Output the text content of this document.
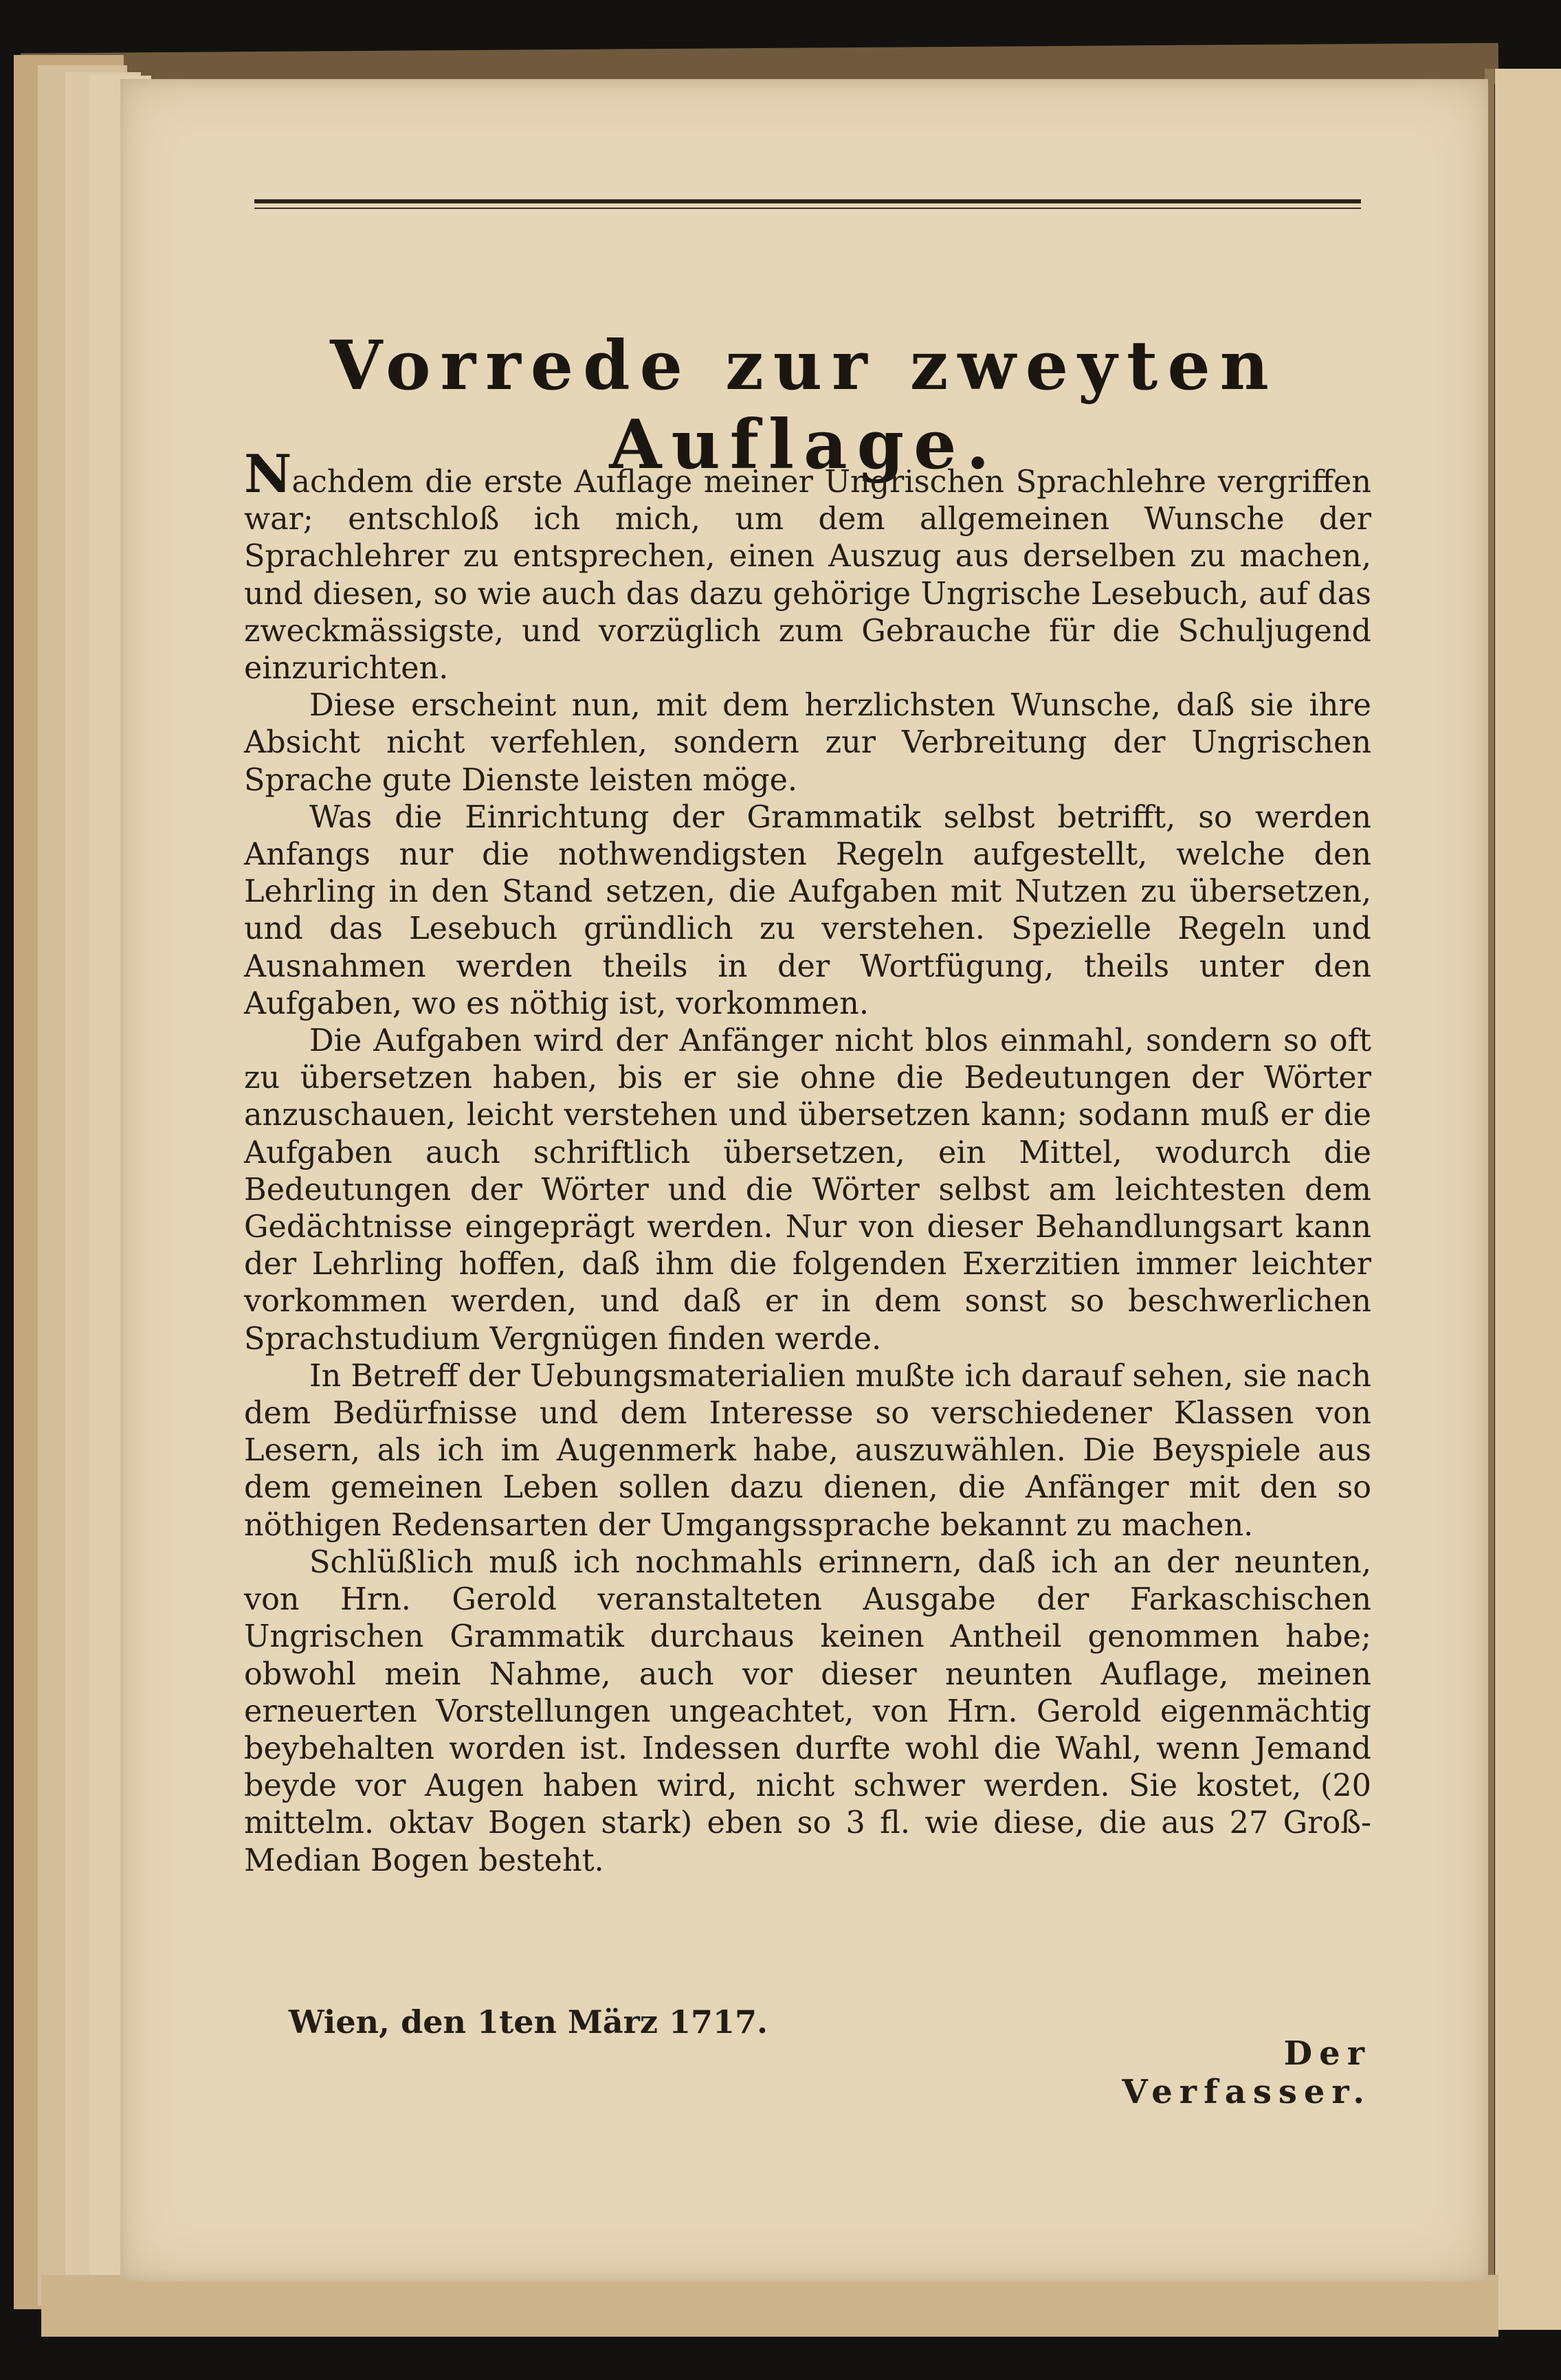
Vorrede zur zweyten Auflage.

Nachdem die erste Auflage meiner Ungrischen Sprachlehre vergriffen war; entschloß ich mich, um dem allgemeinen Wunsche der Sprachlehrer zu entsprechen, einen Auszug aus derselben zu machen, und diesen, so wie auch das dazu gehörige Ungrische Lesebuch, auf das zweckmässigste, und vorzüglich zum Gebrauche für die Schuljugend einzurichten.

Diese erscheint nun, mit dem herzlichsten Wunsche, daß sie ihre Absicht nicht verfehlen, sondern zur Verbreitung der Ungrischen Sprache gute Dienste leisten möge.

Was die Einrichtung der Grammatik selbst betrifft, so werden Anfangs nur die nothwendigsten Regeln aufgestellt, welche den Lehrling in den Stand setzen, die Aufgaben mit Nutzen zu übersetzen, und das Lesebuch gründlich zu verstehen. Spezielle Regeln und Ausnahmen werden theils in der Wortfügung, theils unter den Aufgaben, wo es nöthig ist, vorkommen.

Die Aufgaben wird der Anfänger nicht blos einmahl, sondern so oft zu übersetzen haben, bis er sie ohne die Bedeutungen der Wörter anzuschauen, leicht verstehen und übersetzen kann; sodann muß er die Aufgaben auch schriftlich übersetzen, ein Mittel, wodurch die Bedeutungen der Wörter und die Wörter selbst am leichtesten dem Gedächtnisse eingeprägt werden. Nur von dieser Behandlungsart kann der Lehrling hoffen, daß ihm die folgenden Exerzitien immer leichter vorkommen werden, und daß er in dem sonst so beschwerlichen Sprachstudium Vergnügen finden werde.

In Betreff der Uebungsmaterialien mußte ich darauf sehen, sie nach dem Bedürfnisse und dem Interesse so verschiedener Klassen von Lesern, als ich im Augenmerk habe, auszuwählen. Die Beyspiele aus dem gemeinen Leben sollen dazu dienen, die Anfänger mit den so nöthigen Redensarten der Umgangssprache bekannt zu machen.

Schlüßlich muß ich nochmahls erinnern, daß ich an der neunten, von Hrn. Gerold veranstalteten Ausgabe der Farkaschischen Ungrischen Grammatik durchaus keinen Antheil genommen habe; obwohl mein Nahme, auch vor dieser neunten Auflage, meinen erneuerten Vorstellungen ungeachtet, von Hrn. Gerold eigenmächtig beybehalten worden ist. Indessen durfte wohl die Wahl, wenn Jemand beyde vor Augen haben wird, nicht schwer werden. Sie kostet, (20 mittelm. oktav Bogen stark) eben so 3 fl. wie diese, die aus 27 Groß-Median Bogen besteht.

Wien, den 1ten März 1717.

Der Verfasser.
